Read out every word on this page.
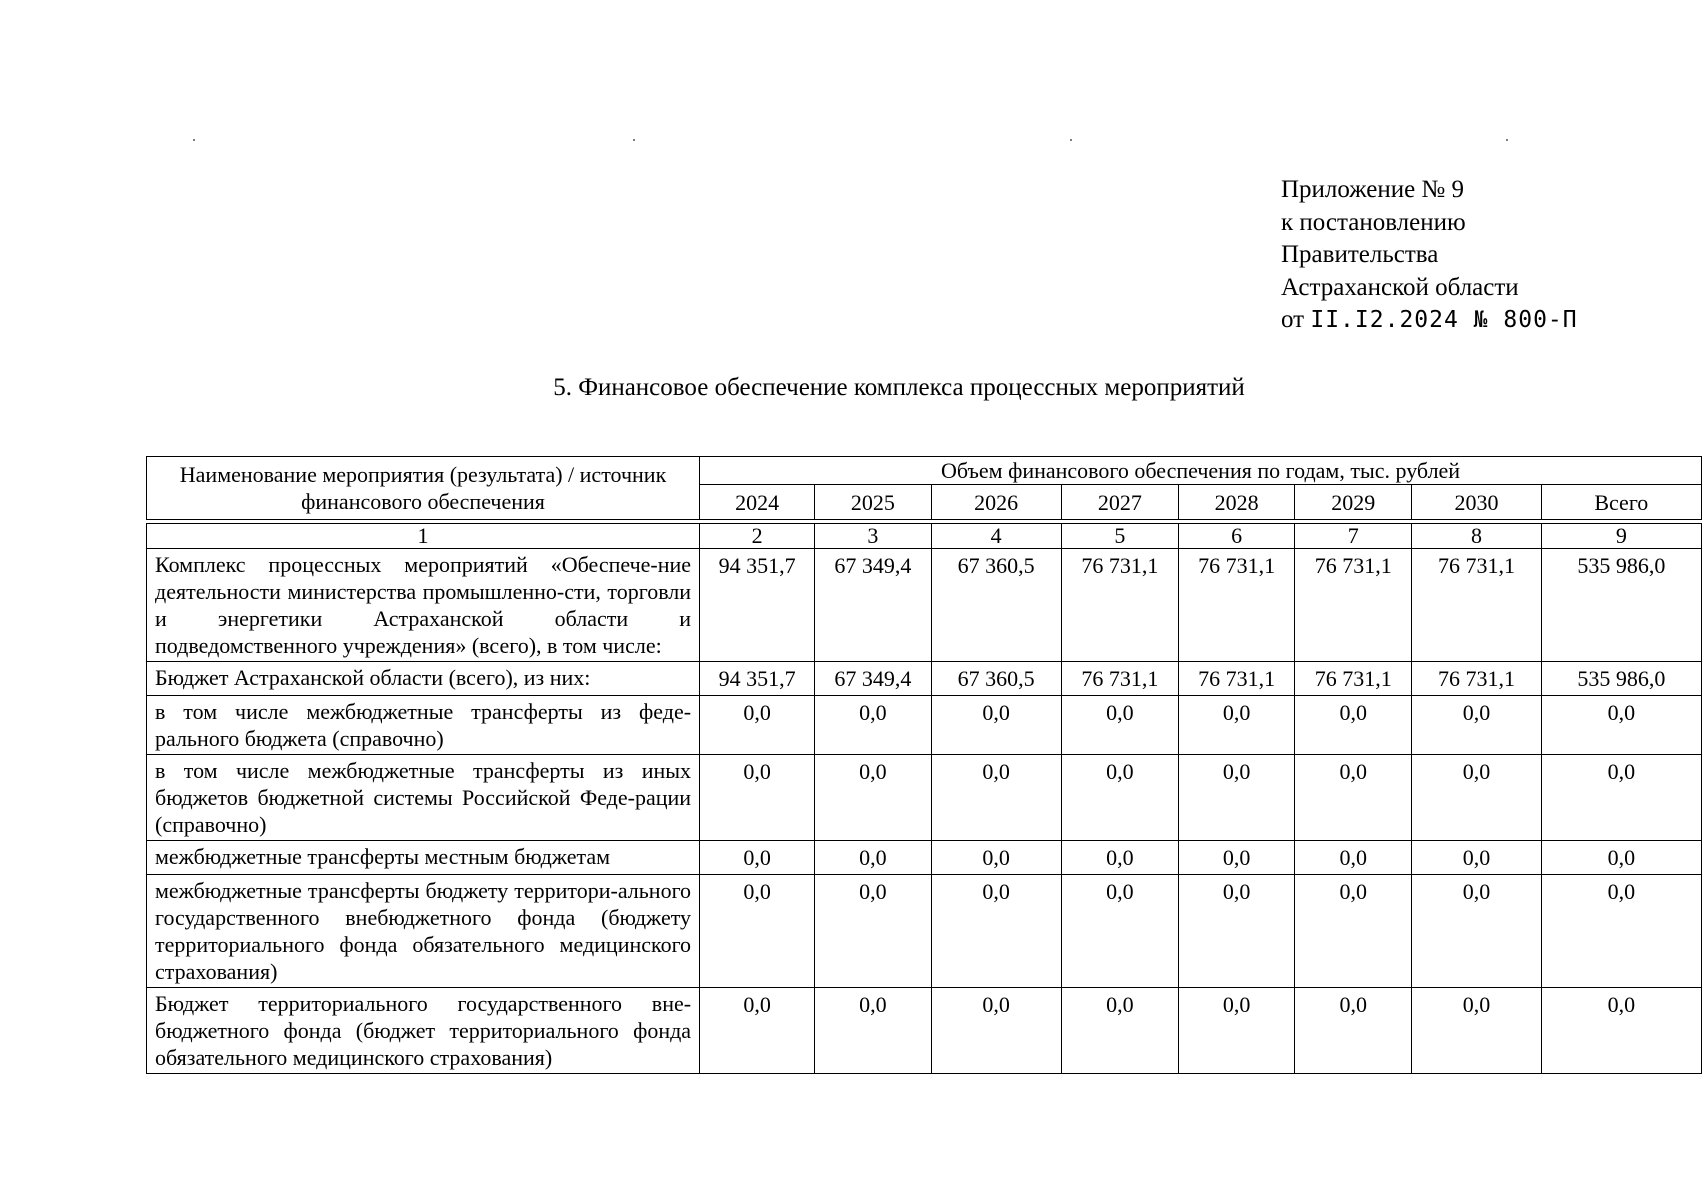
Приложение № 9
к постановлению
Правительства
Астраханской области
от II.I2.2024 № 800-П
5. Финансовое обеспечение комплекса процессных мероприятий
Наименование мероприятия (результата) / источник финансового обеспечения	Объем финансового обеспечения по годам, тыс. рублей							
	2024	2025	2026	2027	2028	2029	2030	Всего

1	2	3	4	5	6	7	8	9
Комплекс процессных мероприятий «Обеспече-ние деятельности министерства промышленно-сти, торговли и энергетики Астраханской области и подведомственного учреждения» (всего), в том числе:	94 351,7	67 349,4	67 360,5	76 731,1	76 731,1	76 731,1	76 731,1	535 986,0
Бюджет Астраханской области (всего), из них:	94 351,7	67 349,4	67 360,5	76 731,1	76 731,1	76 731,1	76 731,1	535 986,0
в том числе межбюджетные трансферты из феде-рального бюджета (справочно)	0,0	0,0	0,0	0,0	0,0	0,0	0,0	0,0
в том числе межбюджетные трансферты из иных бюджетов бюджетной системы Российской Феде-рации (справочно)	0,0	0,0	0,0	0,0	0,0	0,0	0,0	0,0
межбюджетные трансферты местным бюджетам	0,0	0,0	0,0	0,0	0,0	0,0	0,0	0,0
межбюджетные трансферты бюджету территори-ального государственного внебюджетного фонда (бюджету территориального фонда обязательного медицинского страхования)	0,0	0,0	0,0	0,0	0,0	0,0	0,0	0,0
Бюджет территориального государственного вне-бюджетного фонда (бюджет территориального фонда обязательного медицинского страхования)	0,0	0,0	0,0	0,0	0,0	0,0	0,0	0,0
